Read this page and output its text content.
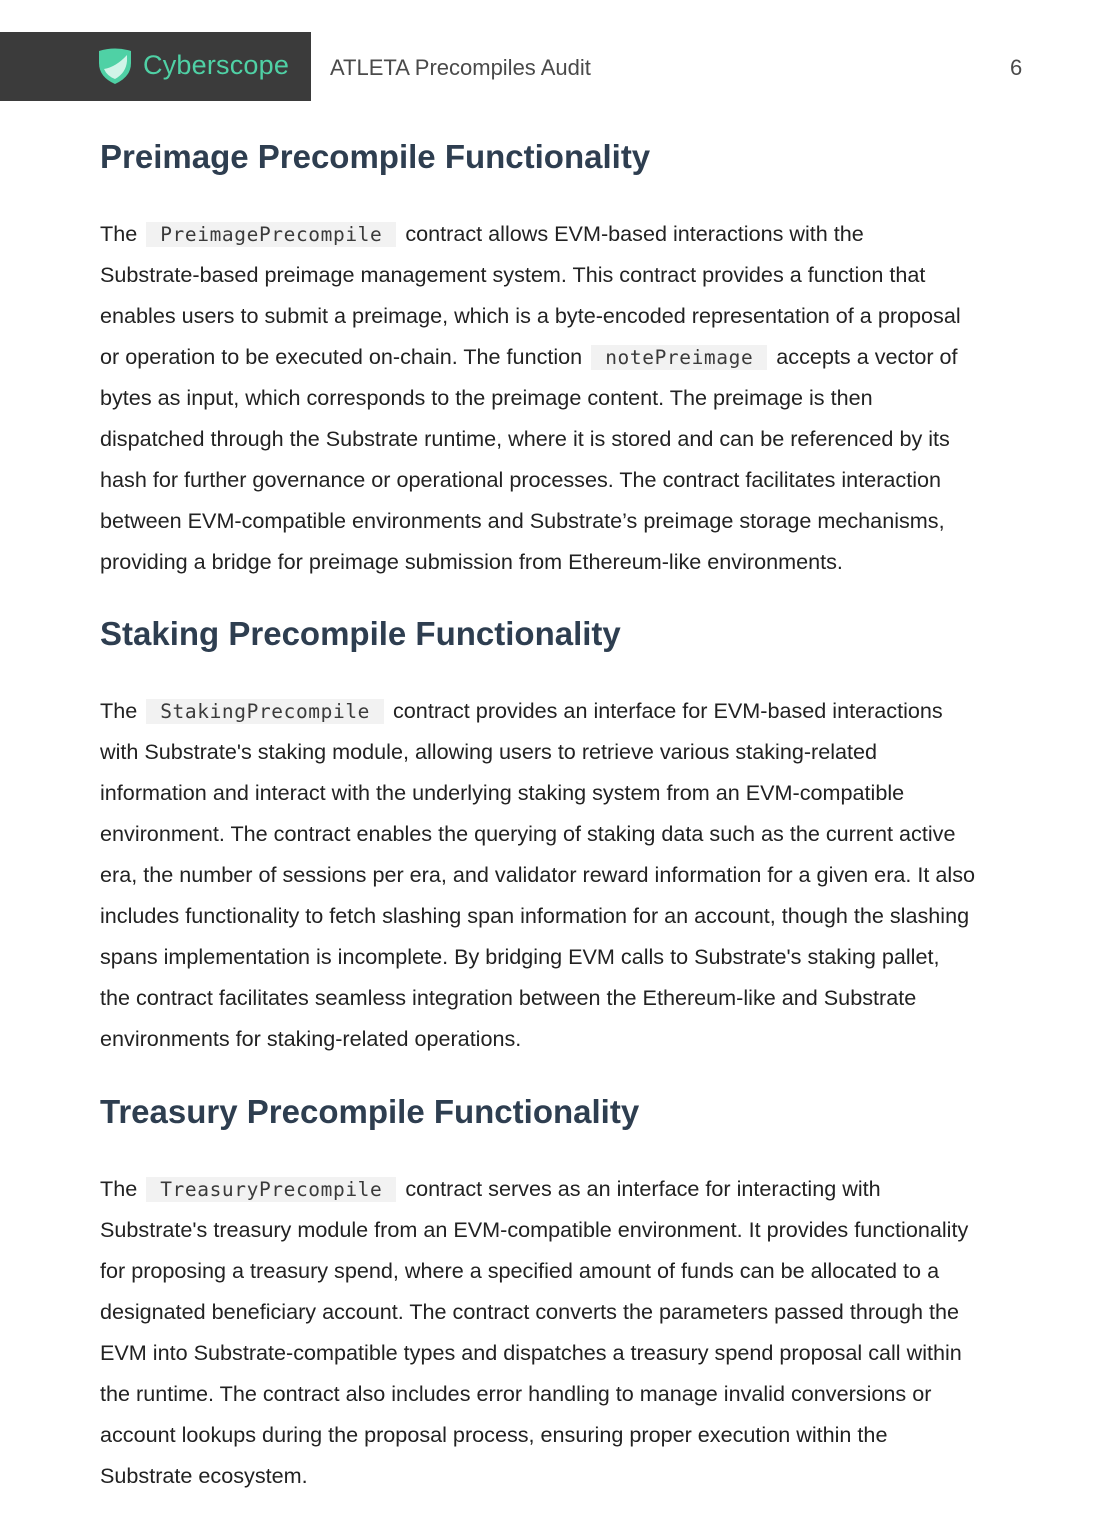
Cyberscope ATLETA Precompiles Audit	6
Preimage Precompile Functionality
The PreimagePrecompile contract allows EVM-based interactions with the
Substrate-based preimage management system. This contract provides a function that
enables users to submit a preimage, which is a byte-encoded representation of a proposal
or operation to be executed on-chain. The function notePreimage accepts a vector of
bytes as input, which corresponds to the preimage content. The preimage is then
dispatched through the Substrate runtime, where it is stored and can be referenced by its
hash for further governance or operational processes. The contract facilitates interaction
between EVM-compatible environments and Substrate’s preimage storage mechanisms,
providing a bridge for preimage submission from Ethereum-like environments.
Staking Precompile Functionality
The StakingPrecompile contract provides an interface for EVM-based interactions
with Substrate's staking module, allowing users to retrieve various staking-related
information and interact with the underlying staking system from an EVM-compatible
environment. The contract enables the querying of staking data such as the current active
era, the number of sessions per era, and validator reward information for a given era. It also
includes functionality to fetch slashing span information for an account, though the slashing
spans implementation is incomplete. By bridging EVM calls to Substrate's staking pallet,
the contract facilitates seamless integration between the Ethereum-like and Substrate
environments for staking-related operations.
Treasury Precompile Functionality
The TreasuryPrecompile contract serves as an interface for interacting with
Substrate's treasury module from an EVM-compatible environment. It provides functionality
for proposing a treasury spend, where a specified amount of funds can be allocated to a
designated beneficiary account. The contract converts the parameters passed through the
EVM into Substrate-compatible types and dispatches a treasury spend proposal call within
the runtime. The contract also includes error handling to manage invalid conversions or
account lookups during the proposal process, ensuring proper execution within the
Substrate ecosystem.
